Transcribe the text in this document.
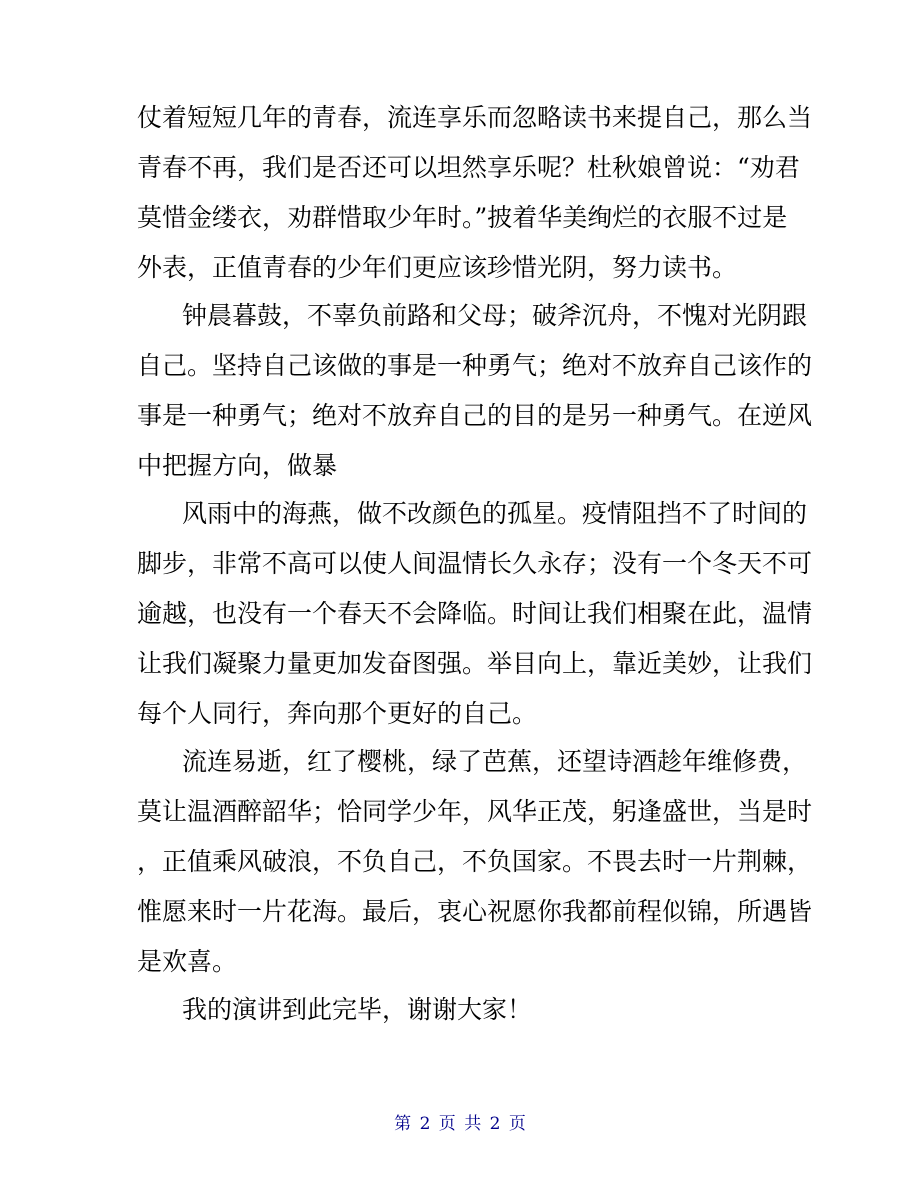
仗着短短几年的青春，流连享乐而忽略读书来提自己，那么当
青春不再，我们是否还可以坦然享乐呢？杜秋娘曾说：“劝君
莫惜金缕衣，劝群惜取少年时。”披着华美绚烂的衣服不过是
外表，正值青春的少年们更应该珍惜光阴，努力读书。
钟晨暮鼓，不辜负前路和父母；破斧沉舟，不愧对光阴跟
自己。坚持自己该做的事是一种勇气；绝对不放弃自己该作的
事是一种勇气；绝对不放弃自己的目的是另一种勇气。在逆风
中把握方向，做暴
风雨中的海燕，做不改颜色的孤星。疫情阻挡不了时间的
脚步，非常不高可以使人间温情长久永存；没有一个冬天不可
逾越，也没有一个春天不会降临。时间让我们相聚在此，温情
让我们凝聚力量更加发奋图强。举目向上，靠近美妙，让我们
每个人同行，奔向那个更好的自己。
流连易逝，红了樱桃，绿了芭蕉，还望诗酒趁年维修费，
莫让温酒醉韶华；恰同学少年，风华正茂，躬逢盛世，当是时
，正值乘风破浪，不负自己，不负国家。不畏去时一片荆棘，
惟愿来时一片花海。最后，衷心祝愿你我都前程似锦，所遇皆
是欢喜。
我的演讲到此完毕，谢谢大家！
第 2 页 共 2 页
